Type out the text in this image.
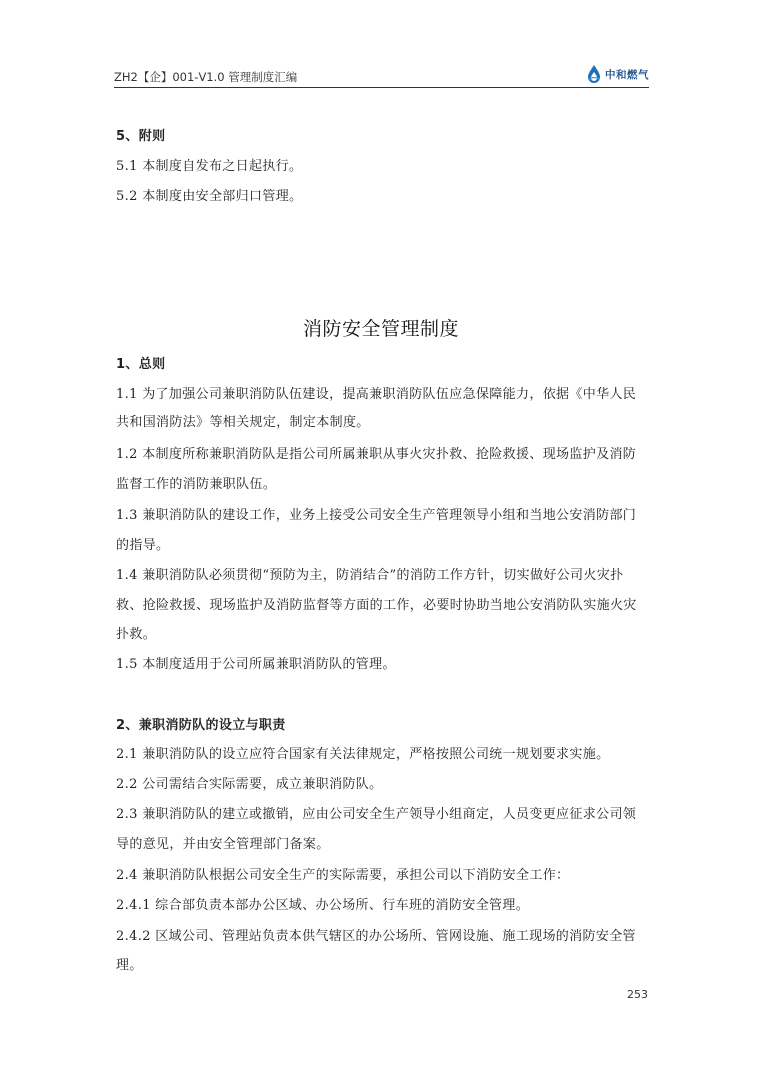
ZH2【企】001-V1.0 管理制度汇编	中和燃气
5、附则
5.1 本制度自发布之日起执行。
5.2 本制度由安全部归口管理。
1、总则
1.1 为了加强公司兼职消防队伍建设，提高兼职消防队伍应急保障能力，依据《中华人民
共和国消防法》等相关规定，制定本制度。
1.2 本制度所称兼职消防队是指公司所属兼职从事火灾扑救、抢险救援、现场监护及消防
监督工作的消防兼职队伍。
1.3 兼职消防队的建设工作，业务上接受公司安全生产管理领导小组和当地公安消防部门
的指导。
1.4 兼职消防队必须贯彻“预防为主，防消结合”的消防工作方针，切实做好公司火灾扑
救、抢险救援、现场监护及消防监督等方面的工作，必要时协助当地公安消防队实施火灾
扑救。
1.5 本制度适用于公司所属兼职消防队的管理。
2、兼职消防队的设立与职责
2.1 兼职消防队的设立应符合国家有关法律规定，严格按照公司统一规划要求实施。
2.2 公司需结合实际需要，成立兼职消防队。
2.3 兼职消防队的建立或撤销，应由公司安全生产领导小组商定，人员变更应征求公司领
导的意见，并由安全管理部门备案。
2.4 兼职消防队根据公司安全生产的实际需要，承担公司以下消防安全工作：
2.4.1 综合部负责本部办公区域、办公场所、行车班的消防安全管理。
2.4.2 区域公司、管理站负责本供气辖区的办公场所、管网设施、施工现场的消防安全管
理。
消防安全管理制度
253
